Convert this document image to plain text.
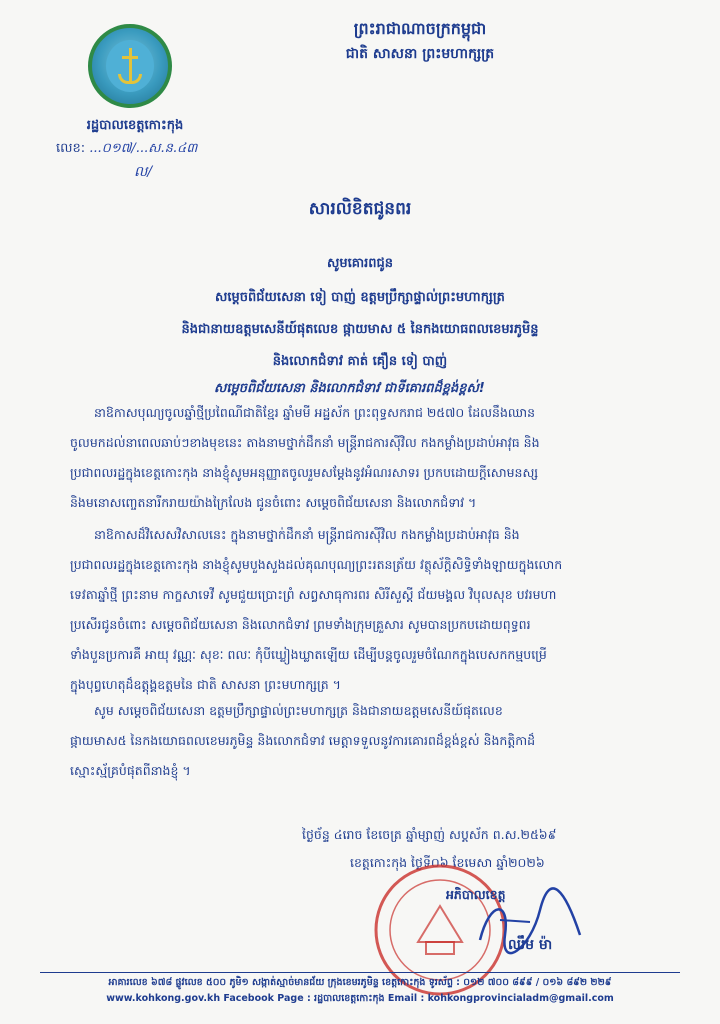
រដ្ឋបាលខេត្តកោះកុង
លេខ: ...០១៧/...ស.ន.៤៣
ល/
ព្រះរាជាណាចក្រកម្ពុជា
ជាតិ សាសនា ព្រះមហាក្សត្រ
សារលិខិតជូនពរ
សូមគោរពជូន
សម្តេចពិជ័យសេនា ទៀ បាញ់ ឧត្តមប្រឹក្សាផ្ទាល់ព្រះមហាក្សត្រ
និងជានាយឧត្តមសេនីយ៍ផុតលេខ ផ្កាយមាស ៥ នៃកងយោធពលខេមរភូមិន្ទ
និងលោកជំទាវ គាត់ គឿន ទៀ បាញ់
សម្តេចពិជ័យសេនា និងលោកជំទាវ ជាទីគោរពដ៏ខ្ពង់ខ្ពស់!
នាឱកាសបុណ្យចូលឆ្នាំថ្មីប្រពៃណីជាតិខ្មែរ ឆ្នាំមមី អដ្ឋស័ក ព្រះពុទ្ធសករាជ ២៥៧០ ដែលនឹងឈាន
ចូលមកដល់នាពេលឆាប់ៗខាងមុខនេះ តាងនាមថ្នាក់ដឹកនាំ មន្ត្រីរាជការស៊ីវិល កងកម្លាំងប្រដាប់អាវុធ និង
ប្រជាពលរដ្ឋក្នុងខេត្តកោះកុង នាងខ្ញុំសូមអនុញ្ញាតចូលរួមសម្តែងនូវអំណរសាទរ ប្រកបដោយក្តីសោមនស្ស
និងមនោសញ្ចេតនារីករាយយ៉ាងក្រៃលែង ជូនចំពោះ សម្តេចពិជ័យសេនា និងលោកជំទាវ ។
នាឱកាសដ៏វិសេសវិសាលនេះ ក្នុងនាមថ្នាក់ដឹកនាំ មន្ត្រីរាជការស៊ីវិល កងកម្លាំងប្រដាប់អាវុធ និង
ប្រជាពលរដ្ឋក្នុងខេត្តកោះកុង នាងខ្ញុំសូមបួងសួងដល់គុណបុណ្យព្រះរតនត្រ័យ វត្ថុស័ក្តិសិទ្ធិទាំងឡាយក្នុងលោក
ទេវតាឆ្នាំថ្មី ព្រះនាម កាក្ខសាទេវី សូមជួយប្រោះព្រំ សព្វសាធុការពរ សិរីសួស្តី ជ័យមង្គល វិបុលសុខ បវរមហា
ប្រសើរជូនចំពោះ សម្តេចពិជ័យសេនា និងលោកជំទាវ ព្រមទាំងក្រុមគ្រួសារ សូមបានប្រកបដោយពុទ្ធពរ
ទាំងបួនប្រការគឺ អាយុ វណ្ណៈ សុខៈ ពលៈ កុំបីឃ្លៀងឃ្លាតឡើយ ដើម្បីបន្តចូលរួមចំណែកក្នុងបេសកកម្មបម្រើ
ក្នុងបុព្វហេតុដ៏ឧត្តុង្គឧត្តមនៃ ជាតិ សាសនា ព្រះមហាក្សត្រ ។
សូម សម្តេចពិជ័យសេនា ឧត្តមប្រឹក្សាផ្ទាល់ព្រះមហាក្សត្រ និងជានាយឧត្តមសេនីយ៍ផុតលេខ
ផ្កាយមាស៥ នៃកងយោធពលខេមរភូមិន្ទ និងលោកជំទាវ មេត្តាទទួលនូវការគោរពដ៏ខ្ពង់ខ្ពស់ និងកត្តិកាដ៏
ស្មោះស្ម័គ្របំផុតពីនាងខ្ញុំ ។
ថ្ងៃច័ន្ទ ៤រោច ខែចេត្រ ឆ្នាំម្សាញ់ សប្តស័ក ព.ស.២៥៦៩
ខេត្តកោះកុង ថ្ងៃទី០៦ ខែមេសា ឆ្នាំ២០២៦
អភិបាលខេត្ត
ឈឹម ម៉ា
អាគារលេខ ៦៧៨ ផ្លូវលេខ ៥០០ ភូមិ១ សង្កាត់ស្មាច់មានជ័យ ក្រុងខេមរភូមិន្ទ ខេត្តកោះកុង ទូរស័ព្ទ : ០១២ ៧០០ ៨៩៩ / ០១៦ ៨៩២ ២២៩
www.kohkong.gov.kh Facebook Page : រដ្ឋបាលខេត្តកោះកុង Email : kohkongprovincialadm@gmail.com
